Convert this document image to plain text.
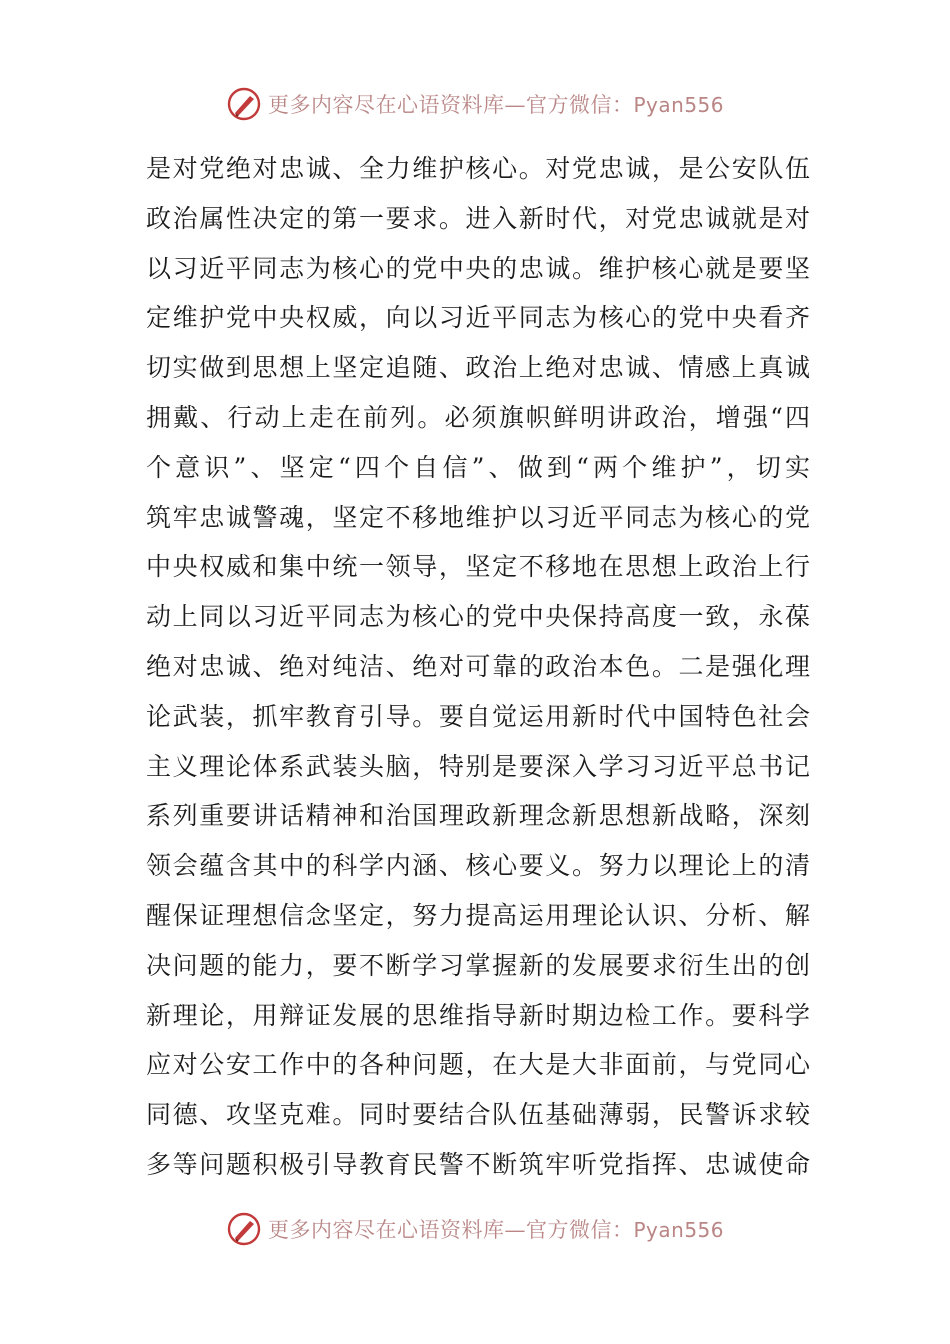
更多内容尽在心语资料库—官方微信：Pyan556
是对党绝对忠诚、全力维护核心。对党忠诚，是公安队伍
政治属性决定的第一要求。进入新时代，对党忠诚就是对
以习近平同志为核心的党中央的忠诚。维护核心就是要坚
定维护党中央权威，向以习近平同志为核心的党中央看齐
切实做到思想上坚定追随、政治上绝对忠诚、情感上真诚
拥戴、行动上走在前列。必须旗帜鲜明讲政治，增强“四
个意识”、坚定“四个自信”、做到“两个维护”，切实
筑牢忠诚警魂，坚定不移地维护以习近平同志为核心的党
中央权威和集中统一领导，坚定不移地在思想上政治上行
动上同以习近平同志为核心的党中央保持高度一致，永葆
绝对忠诚、绝对纯洁、绝对可靠的政治本色。二是强化理
论武装，抓牢教育引导。要自觉运用新时代中国特色社会
主义理论体系武装头脑，特别是要深入学习习近平总书记
系列重要讲话精神和治国理政新理念新思想新战略，深刻
领会蕴含其中的科学内涵、核心要义。努力以理论上的清
醒保证理想信念坚定，努力提高运用理论认识、分析、解
决问题的能力，要不断学习掌握新的发展要求衍生出的创
新理论，用辩证发展的思维指导新时期边检工作。要科学
应对公安工作中的各种问题，在大是大非面前，与党同心
同德、攻坚克难。同时要结合队伍基础薄弱，民警诉求较
多等问题积极引导教育民警不断筑牢听党指挥、忠诚使命
更多内容尽在心语资料库—官方微信：Pyan556
